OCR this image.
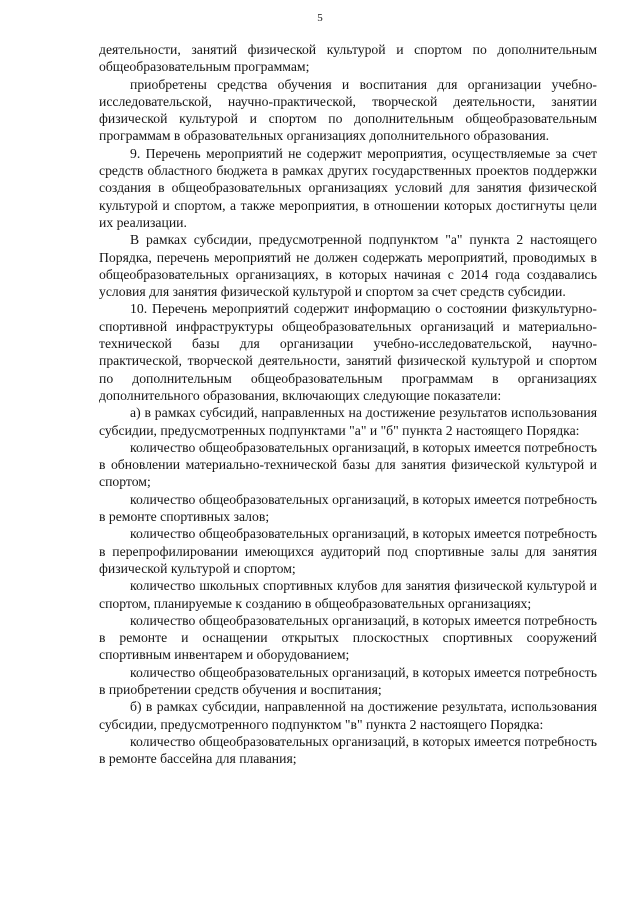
5

деятельности, занятий физической культурой и спортом по дополнительным общеобразовательным программам;

приобретены средства обучения и воспитания для организации учебно-исследовательской, научно-практической, творческой деятельности, занятии физической культурой и спортом по дополнительным общеобразовательным программам в образовательных организациях дополнительного образования.

9. Перечень мероприятий не содержит мероприятия, осуществляемые за счет средств областного бюджета в рамках других государственных проектов поддержки создания в общеобразовательных организациях условий для занятия физической культурой и спортом, а также мероприятия, в отношении которых достигнуты цели их реализации.

В рамках субсидии, предусмотренной подпунктом "а" пункта 2 настоящего Порядка, перечень мероприятий не должен содержать мероприятий, проводимых в общеобразовательных организациях, в которых начиная с 2014 года создавались условия для занятия физической культурой и спортом за счет средств субсидии.

10. Перечень мероприятий содержит информацию о состоянии физкультурно-спортивной инфраструктуры общеобразовательных организаций и материально-технической базы для организации учебно-исследовательской, научно- практической, творческой деятельности, занятий физической культурой и спортом по дополнительным общеобразовательным программам в организациях дополнительного образования, включающих следующие показатели:

а) в рамках субсидий, направленных на достижение результатов использования субсидии, предусмотренных подпунктами "а" и "б" пункта 2 настоящего Порядка:

количество общеобразовательных организаций, в которых имеется потребность в обновлении материально-технической базы для занятия физической культурой и спортом;

количество общеобразовательных организаций, в которых имеется потребность в ремонте спортивных залов;

количество общеобразовательных организаций, в которых имеется потребность в перепрофилировании имеющихся аудиторий под спортивные залы для занятия физической культурой и спортом;

количество школьных спортивных клубов для занятия физической культурой и спортом, планируемые к созданию в общеобразовательных организациях;

количество общеобразовательных организаций, в которых имеется потребность в ремонте и оснащении открытых плоскостных спортивных сооружений спортивным инвентарем и оборудованием;

количество общеобразовательных организаций, в которых имеется потребность в приобретении средств обучения и воспитания;

б) в рамках субсидии, направленной на достижение результата, использования субсидии, предусмотренного подпунктом "в" пункта 2 настоящего Порядка:

количество общеобразовательных организаций, в которых имеется потребность в ремонте бассейна для плавания;
